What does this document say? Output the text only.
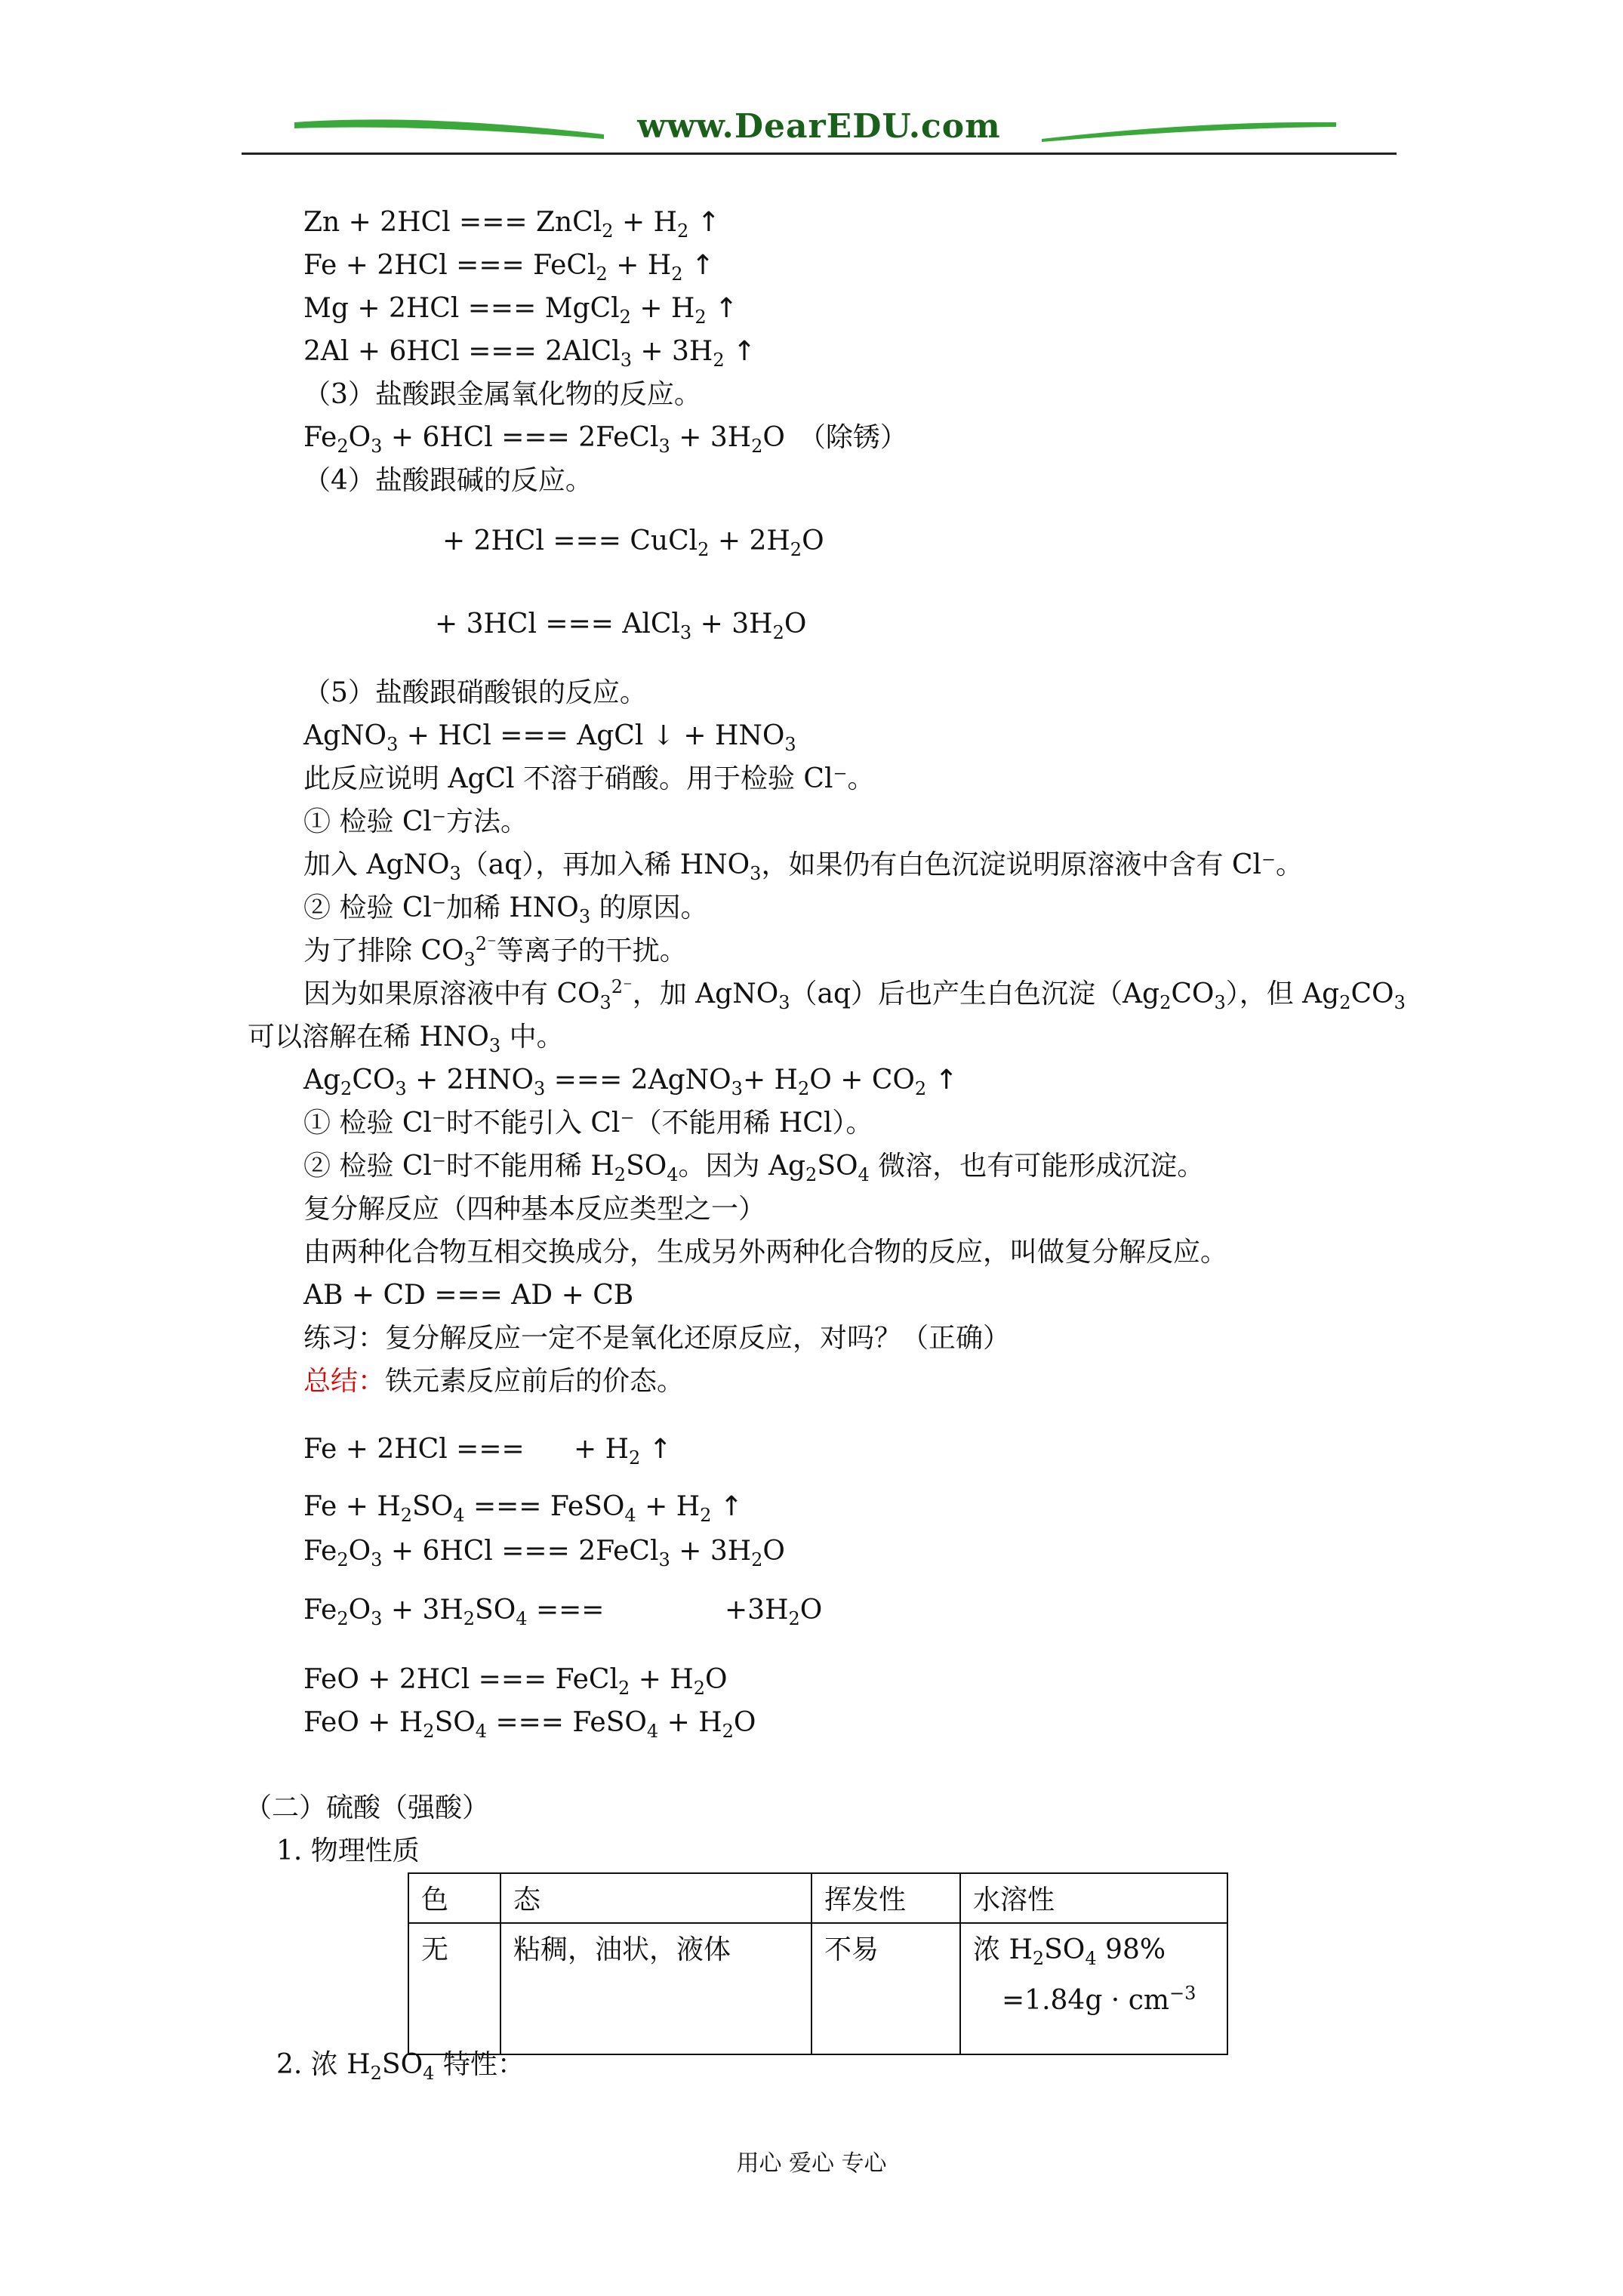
www.DearEDU.com
Zn + 2HCl === ZnCl$_2$ + $H_2$ ↑
Fe + 2HCl === FeCl$_2$ + $H_2$ ↑
Mg + 2HCl === MgCl$_2$ + $H_2$ ↑
2Al + 6HCl === 2AlCl$_3$ + $3H_2$ ↑
（3）盐酸跟金属氧化物的反应。
$Fe_2O_3 + 6HCl$ === 2FeCl$_3$ + $3H_2O$　（除锈）
（4）盐酸跟碱的反应。
+ 2HCl === CuCl$_2$ + $2H_2O$
+ 3HCl === AlCl$_3$ + $3H_2O$
（5）盐酸跟硝酸银的反应。
AgNO$_3$ + HCl === AgCl ↓ + $HNO_3$
此反应说明 AgCl 不溶于硝酸。用于检验 Cl⁻。
① 检验 Cl⁻方法。
加入 AgNO$_3$（aq），再加入稀 $HNO_3$，如果仍有白色沉淀说明原溶液中含有 Cl⁻。
② 检验 Cl⁻加稀 $HNO_3$ 的原因。
为了排除 $CO_3^{2^-}$等离子的干扰。
因为如果原溶液中有 $CO_3^{2^-}$，加 AgNO$_3$（aq）后也产生白色沉淀$(Ag_2CO_3)$，但 $Ag_2CO_3$
可以溶解在稀 $HNO_3$ 中。
$Ag_2CO_3 + 2HNO_3$ === 2AgNO$_3$+ $H_2O + CO_2$ ↑
① 检验 Cl⁻时不能引入 Cl⁻（不能用稀 HCl）。
② 检验 Cl⁻时不能用稀 $H_2SO_4$。因为 $Ag_2SO_4$ 微溶，也有可能形成沉淀。
复分解反应（四种基本反应类型之一）
由两种化合物互相交换成分，生成另外两种化合物的反应，叫做复分解反应。
AB + CD === AD + CB
练习：复分解反应一定不是氧化还原反应，对吗？（正确）
总结：铁元素反应前后的价态。
Fe + 2HCl === + $H_2$ ↑
$Fe + H_2SO_4$ === FeSO$_4$ + $H_2$ ↑
$Fe_2O_3 + 6HCl$ === 2FeCl$_3$ + $3H_2O$
$Fe_2O_3 + 3H_2SO_4$ ===	$+3H_2O$
FeO + 2HCl === FeCl$_2$ + $H_2O$
FeO + $H_2SO_4$ === FeSO$_4$ + $H_2O$
（二）硫酸（强酸）
1. 物理性质
2. 浓 $H_2SO_4$ 特性：
色	态	挥发性	水溶性
无	粘稠，油状，液体	不易	浓 $H_2SO_4$ 98%
$=1.84g \cdot cm^{-3}$
用心 爱心 专心
